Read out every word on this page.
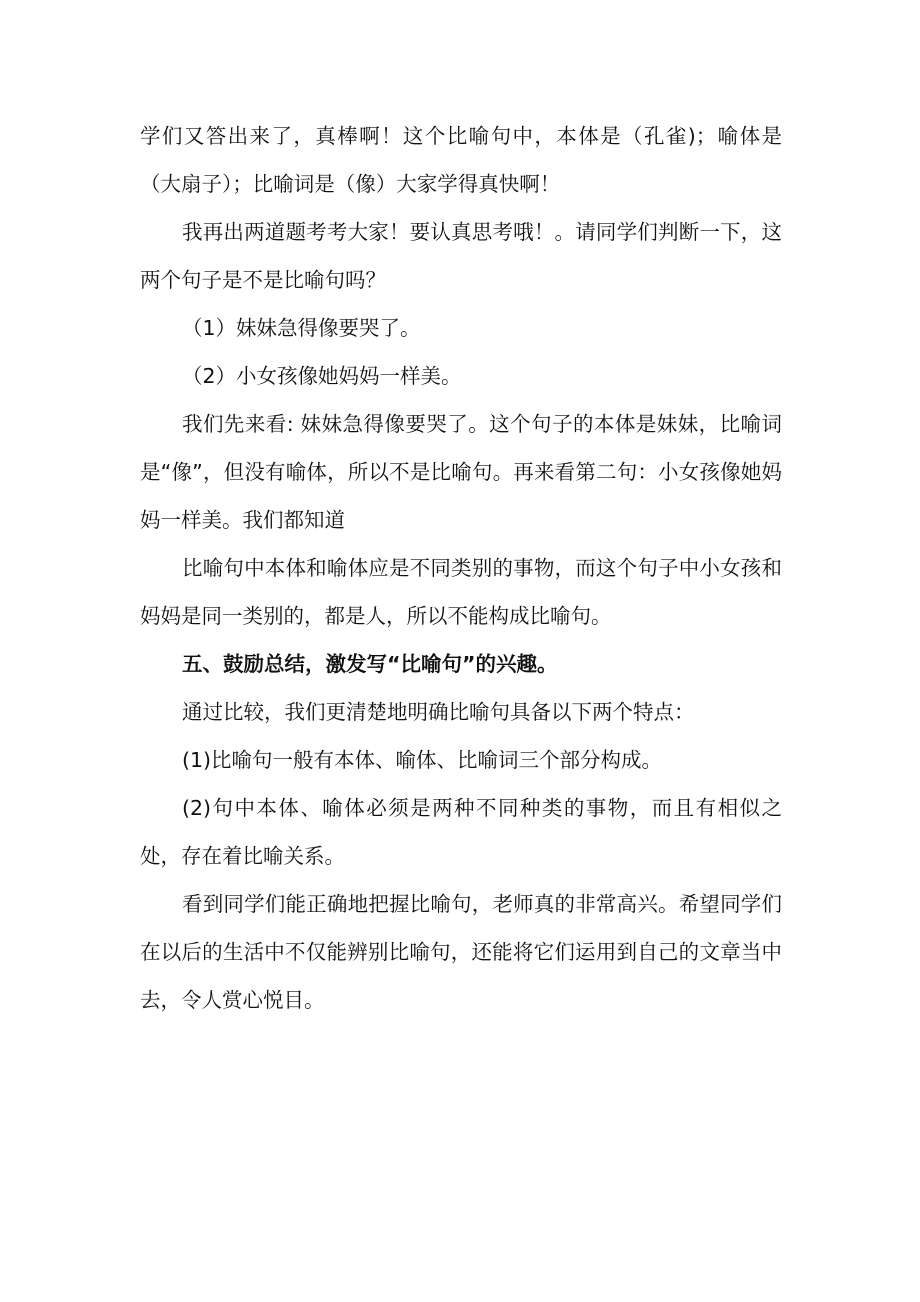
学们又答出来了，真棒啊！这个比喻句中，本体是（孔雀)；喻体是（大扇子）；比喻词是（像）大家学得真快啊！

我再出两道题考考大家！要认真思考哦！。请同学们判断一下，这两个句子是不是比喻句吗？

（1）妹妹急得像要哭了。

（2）小女孩像她妈妈一样美。

我们先来看: 妹妹急得像要哭了。这个句子的本体是妹妹，比喻词是“像”，但没有喻体，所以不是比喻句。再来看第二句：小女孩像她妈妈一样美。我们都知道

比喻句中本体和喻体应是不同类别的事物，而这个句子中小女孩和妈妈是同一类别的，都是人，所以不能构成比喻句。

五、鼓励总结，激发写“比喻句”的兴趣。

通过比较，我们更清楚地明确比喻句具备以下两个特点：

(1)比喻句一般有本体、喻体、比喻词三个部分构成。

(2)句中本体、喻体必须是两种不同种类的事物，而且有相似之处，存在着比喻关系。

看到同学们能正确地把握比喻句，老师真的非常高兴。希望同学们在以后的生活中不仅能辨别比喻句，还能将它们运用到自己的文章当中去，令人赏心悦目。
